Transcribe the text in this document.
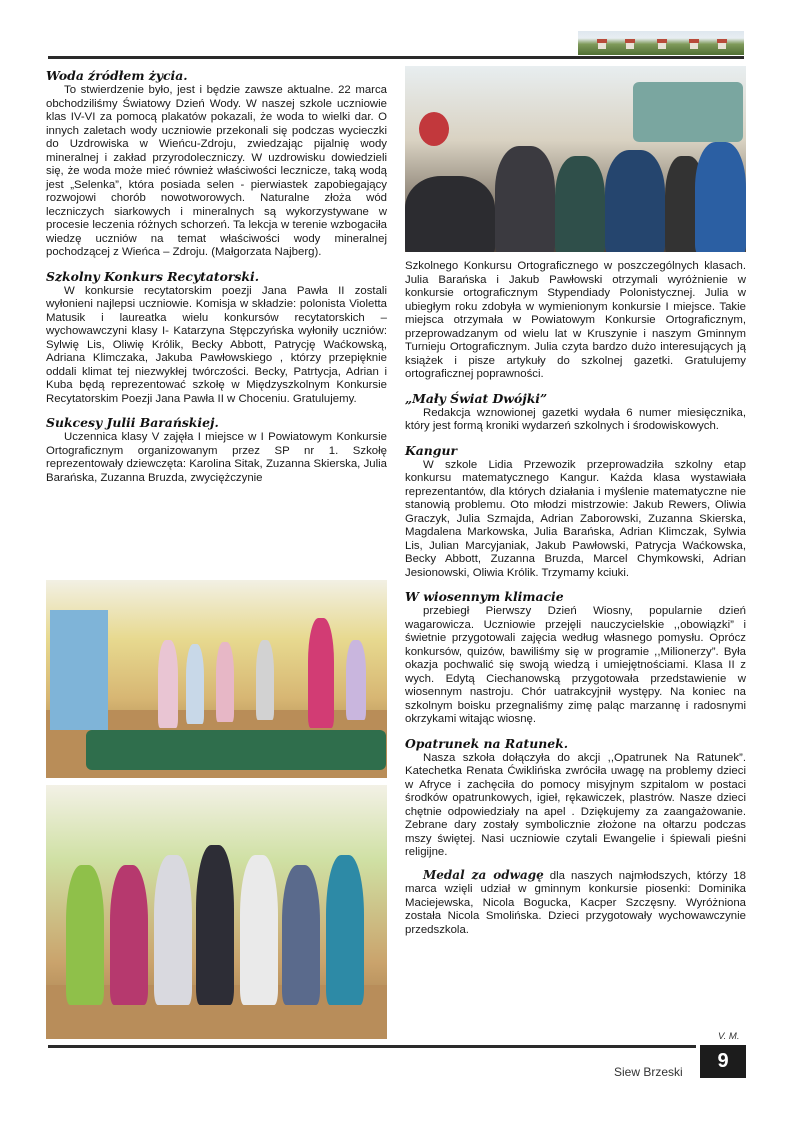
Woda źródłem życia.

To stwierdzenie było, jest i będzie zawsze aktualne. 22 marca obchodziliśmy Światowy Dzień Wody. W naszej szkole uczniowie klas IV-VI za pomocą plakatów pokazali, że woda to wielki dar. O innych zaletach wody uczniowie przekonali się podczas wycieczki do Uzdrowiska w Wieńcu-Zdroju, zwiedzając pijalnię wody mineralnej i zakład przyrodoleczniczy. W uzdrowisku dowiedzieli się, że woda może mieć również właściwości lecznicze, taką wodą jest „Selenka”, która posiada selen - pierwiastek zapobiegający rozwojowi chorób nowotworowych. Naturalne złoża wód leczniczych siarkowych i mineralnych są wykorzystywane w procesie leczenia różnych schorzeń. Ta lekcja w terenie wzbogaciła wiedzę uczniów na temat właściwości wody mineralnej pochodzącej z Wieńca – Zdroju. (Małgorzata Najberg).

Szkolny Konkurs Recytatorski.

W konkursie recytatorskim poezji Jana Pawła II zostali wyłonieni najlepsi uczniowie. Komisja w składzie: polonista Violetta Matusik i laureatka wielu konkursów recytatorskich – wychowawczyni klasy I- Katarzyna Stępczyńska wyłoniły uczniów: Sylwię Lis, Oliwię Królik, Becky Abbott, Patrycję Waćkowską, Adriana Klimczaka, Jakuba Pawłowskiego , którzy przepięknie oddali klimat tej niezwykłej twórczości. Becky, Patrtycja, Adrian i Kuba będą reprezentować szkołę w Międzyszkolnym Konkursie Recytatorskim Poezji Jana Pawła II w Choceniu. Gratulujemy.

Sukcesy Julii Barańskiej.

Uczennica klasy V zajęła I miejsce w I Powiatowym Konkursie Ortograficznym organizowanym przez SP nr 1. Szkołę reprezentowały dziewczęta: Karolina Sitak, Zuzanna Skierska, Julia Barańska, Zuzanna Bruzda, zwyciężczynie

Szkolnego Konkursu Ortograficznego w poszczególnych klasach. Julia Barańska i Jakub Pawłowski otrzymali wyróżnienie w konkursie ortograficznym Stypendiady Polonistycznej. Julia w ubiegłym roku zdobyła w wymienionym konkursie I miejsce. Takie miejsca otrzymała w Powiatowym Konkursie Ortograficznym, przeprowadzanym od wielu lat w Kruszynie i naszym Gminnym Turnieju Ortograficznym. Julia czyta bardzo dużo interesujących ją książek i pisze artykuły do szkolnej gazetki. Gratulujemy ortograficznej poprawności.

„Mały Świat Dwójki”

Redakcja wznowionej gazetki wydała 6 numer miesięcznika, który jest formą kroniki wydarzeń szkolnych i środowiskowych.

Kangur

W szkole Lidia Przewozik przeprowadziła szkolny etap konkursu matematycznego Kangur. Każda klasa wystawiała reprezentantów, dla których działania i myślenie matematyczne nie stanowią problemu. Oto młodzi mistrzowie: Jakub Rewers, Oliwia Graczyk, Julia Szmajda, Adrian Zaborowski, Zuzanna Skierska, Magdalena Markowska, Julia Barańska, Adrian Klimczak, Sylwia Lis, Julian Marcyjaniak, Jakub Pawłowski, Patrycja Waćkowska, Becky Abbott, Zuzanna Bruzda, Marcel Chymkowski, Adrian Jesionowski, Oliwia Królik. Trzymamy kciuki.

W wiosennym klimacie

przebiegł Pierwszy Dzień Wiosny, popularnie dzień wagarowicza. Uczniowie przejęli nauczycielskie ,,obowiązki” i świetnie przygotowali zajęcia według własnego pomysłu. Oprócz konkursów, quizów, bawiliśmy się w programie ,,Milionerzy”. Była okazja pochwalić się swoją wiedzą i umiejętnościami. Klasa II z wych. Edytą Ciechanowską przygotowała przedstawienie w wiosennym nastroju. Chór uatrakcyjnił występy. Na koniec na szkolnym boisku przegnaliśmy zimę paląc marzannę i radosnymi okrzykami witając wiosnę.

Opatrunek na Ratunek.

Nasza szkoła dołączyła do akcji ,,Opatrunek Na Ratunek”. Katechetka Renata Ćwiklińska zwróciła uwagę na problemy dzieci w Afryce i zachęciła do pomocy misyjnym szpitalom w postaci środków opatrunkowych, igieł, rękawiczek, plastrów. Nasze dzieci chętnie odpowiedziały na apel . Dziękujemy za zaangażowanie. Zebrane dary zostały symbolicznie złożone na ołtarzu podczas mszy świętej. Nasi uczniowie czytali Ewangelie i śpiewali pieśni religijne.

Medal za odwagę dla naszych najmłodszych, którzy 18 marca wzięli udział w gminnym konkursie piosenki: Dominika Maciejewska, Nicola Bogucka, Kacper Szczęsny. Wyróżniona została Nicola Smolińska. Dzieci przygotowały wychowawczynie przedszkola.

V. M.
Siew Brzeski	9
